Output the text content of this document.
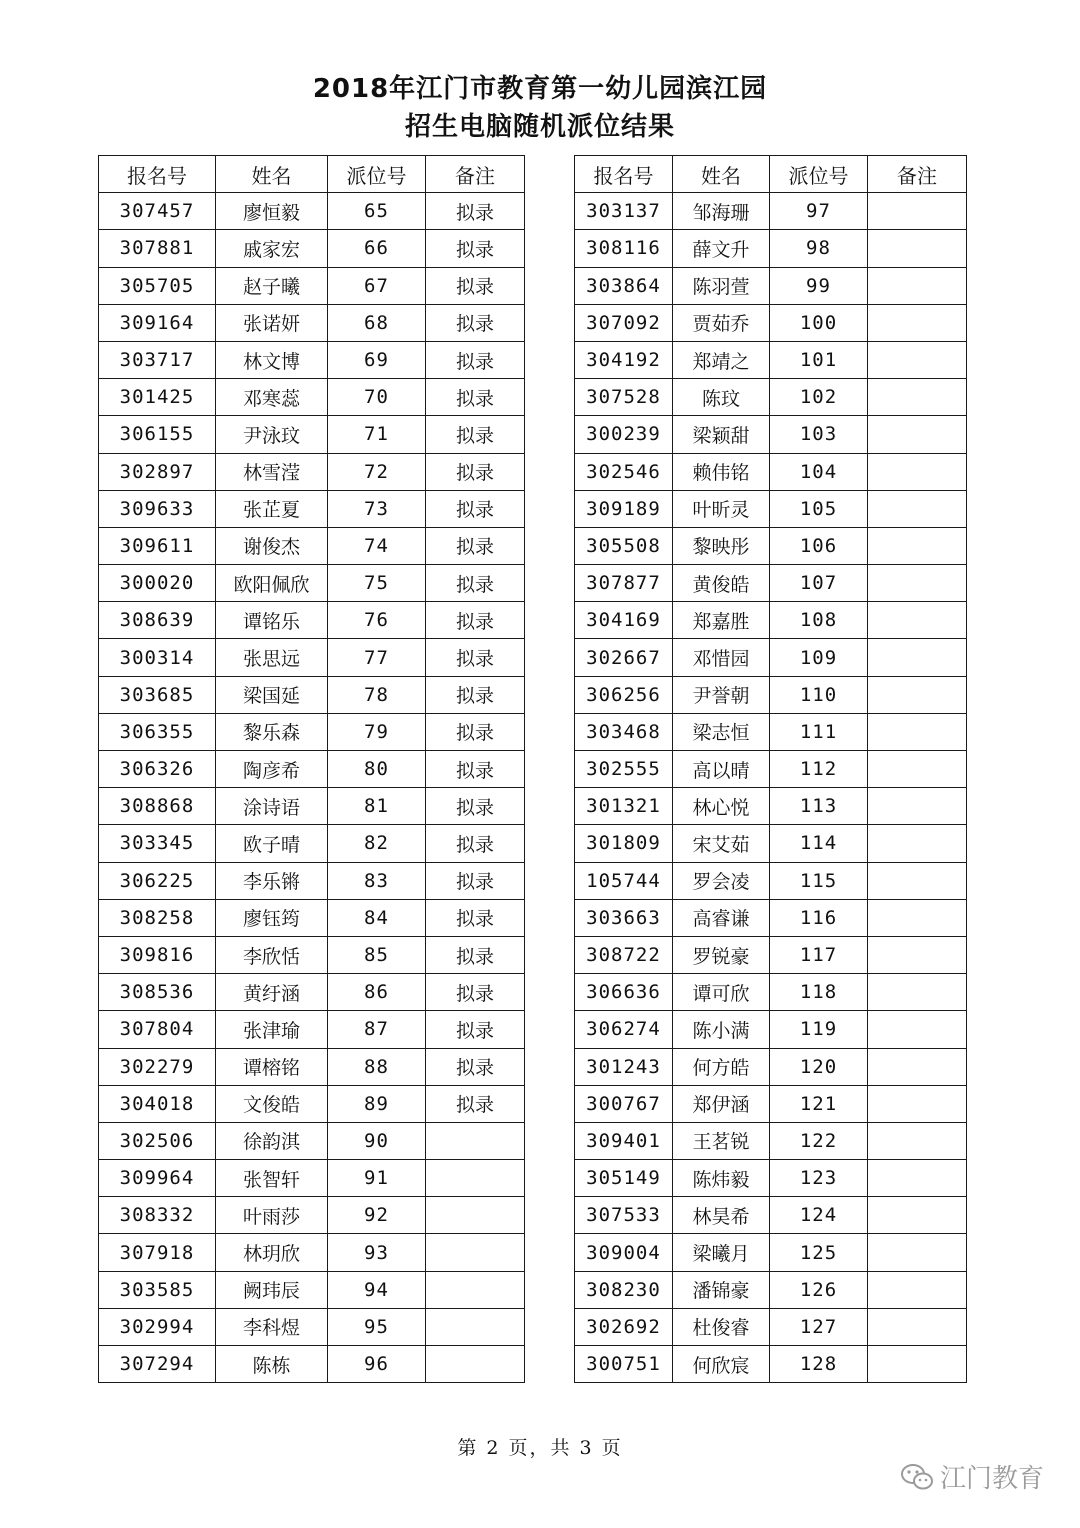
2018年江门市教育第一幼儿园滨江园
招生电脑随机派位结果
报名号	姓名	派位号	备注
307457	廖恒毅	65	拟录
307881	戚家宏	66	拟录
305705	赵子曦	67	拟录
309164	张诺妍	68	拟录
303717	林文博	69	拟录
301425	邓寒蕊	70	拟录
306155	尹泳玟	71	拟录
302897	林雪滢	72	拟录
309633	张芷夏	73	拟录
309611	谢俊杰	74	拟录
300020	欧阳佩欣	75	拟录
308639	谭铭乐	76	拟录
300314	张思远	77	拟录
303685	梁国延	78	拟录
306355	黎乐森	79	拟录
306326	陶彦希	80	拟录
308868	涂诗语	81	拟录
303345	欧子晴	82	拟录
306225	李乐锵	83	拟录
308258	廖钰筠	84	拟录
309816	李欣恬	85	拟录
308536	黄纡涵	86	拟录
307804	张津瑜	87	拟录
302279	谭榕铭	88	拟录
304018	文俊皓	89	拟录
302506	徐韵淇	90	
309964	张智轩	91	
308332	叶雨莎	92	
307918	林玥欣	93	
303585	阙玮辰	94	
302994	李科煜	95	
307294	陈栋	96	
报名号	姓名	派位号	备注
303137	邹海珊	97	
308116	薛文升	98	
303864	陈羽萱	99	
307092	贾茹乔	100	
304192	郑靖之	101	
307528	陈玟	102	
300239	梁颖甜	103	
302546	赖伟铭	104	
309189	叶昕灵	105	
305508	黎映彤	106	
307877	黄俊皓	107	
304169	郑嘉胜	108	
302667	邓惜园	109	
306256	尹誉朝	110	
303468	梁志恒	111	
302555	高以晴	112	
301321	林心悦	113	
301809	宋艾茹	114	
105744	罗会凌	115	
303663	高睿谦	116	
308722	罗锐豪	117	
306636	谭可欣	118	
306274	陈小满	119	
301243	何方皓	120	
300767	郑伊涵	121	
309401	王茗锐	122	
305149	陈炜毅	123	
307533	林昊希	124	
309004	梁曦月	125	
308230	潘锦豪	126	
302692	杜俊睿	127	
300751	何欣宸	128	
第 2 页，共 3 页
江门教育
